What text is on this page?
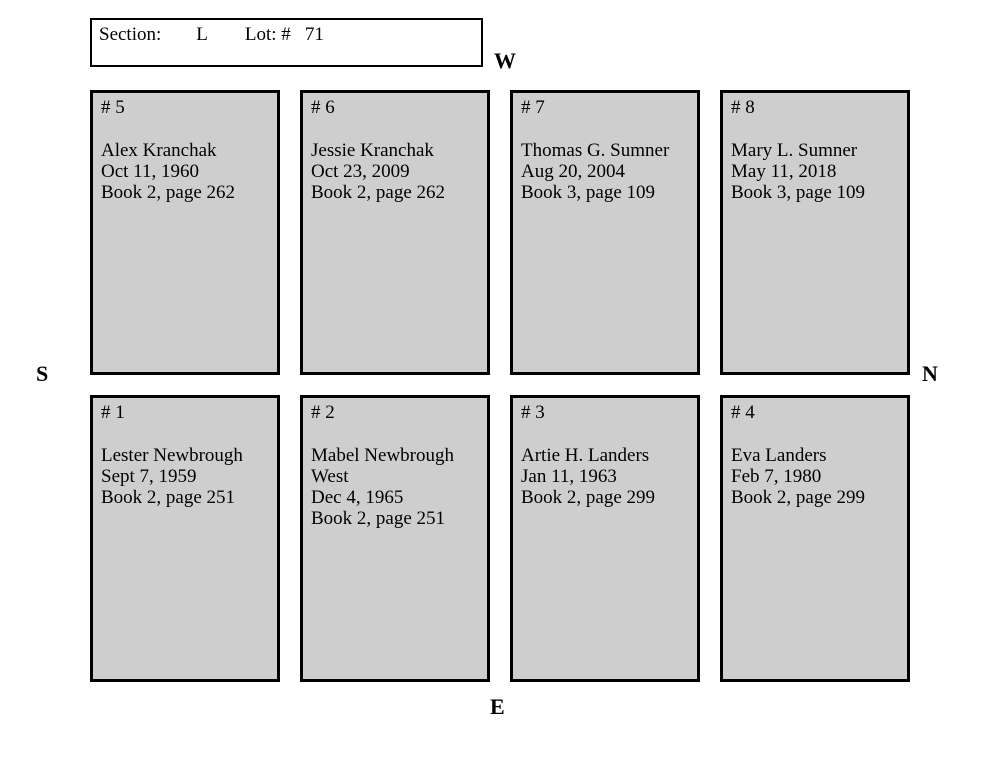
Section: L Lot: # 71
W
S	N
E
# 5
Alex Kranchak
Oct 11, 1960
Book 2, page 262
# 6
Jessie Kranchak
Oct 23, 2009
Book 2, page 262
# 7
Thomas G. Sumner
Aug 20, 2004
Book 3, page 109
# 8
Mary L. Sumner
May 11, 2018
Book 3, page 109
# 1
Lester Newbrough
Sept 7, 1959
Book 2, page 251
# 2
Mabel Newbrough West
Dec 4, 1965
Book 2, page 251
# 3
Artie H. Landers
Jan 11, 1963
Book 2, page 299
# 4
Eva Landers
Feb 7, 1980
Book 2, page 299
